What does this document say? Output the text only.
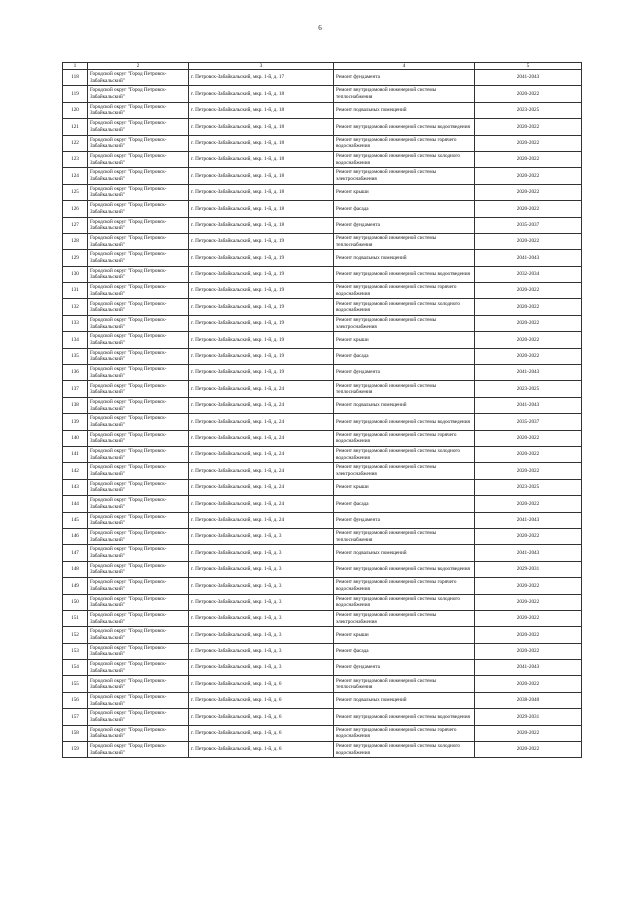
6
1	2	3	4	5
118	Городской округ "Город Петровск-Забайкальский"	г. Петровск-Забайкальский, мкр. 1-й, д. 17	Ремонт фундамента	2041-2043
119	Городской округ "Город Петровск-Забайкальский"	г. Петровск-Забайкальский, мкр. 1-й, д. 18	Ремонт внутридомовой инженерной системы теплоснабжения	2020-2022
120	Городской округ "Город Петровск-Забайкальский"	г. Петровск-Забайкальский, мкр. 1-й, д. 18	Ремонт подвальных помещений	2023-2025
121	Городской округ "Город Петровск-Забайкальский"	г. Петровск-Забайкальский, мкр. 1-й, д. 18	Ремонт внутридомовой инженерной системы водоотведения	2020-2022
122	Городской округ "Город Петровск-Забайкальский"	г. Петровск-Забайкальский, мкр. 1-й, д. 18	Ремонт внутридомовой инженерной системы горячего водоснабжения	2020-2022
123	Городской округ "Город Петровск-Забайкальский"	г. Петровск-Забайкальский, мкр. 1-й, д. 18	Ремонт внутридомовой инженерной системы холодного водоснабжения	2020-2022
124	Городской округ "Город Петровск-Забайкальский"	г. Петровск-Забайкальский, мкр. 1-й, д. 18	Ремонт внутридомовой инженерной системы электроснабжения	2020-2022
125	Городской округ "Город Петровск-Забайкальский"	г. Петровск-Забайкальский, мкр. 1-й, д. 18	Ремонт крыши	2020-2022
126	Городской округ "Город Петровск-Забайкальский"	г. Петровск-Забайкальский, мкр. 1-й, д. 18	Ремонт фасада	2020-2022
127	Городской округ "Город Петровск-Забайкальский"	г. Петровск-Забайкальский, мкр. 1-й, д. 18	Ремонт фундамента	2035-2037
128	Городской округ "Город Петровск-Забайкальский"	г. Петровск-Забайкальский, мкр. 1-й, д. 19	Ремонт внутридомовой инженерной системы теплоснабжения	2020-2022
129	Городской округ "Город Петровск-Забайкальский"	г. Петровск-Забайкальский, мкр. 1-й, д. 19	Ремонт подвальных помещений	2041-2043
130	Городской округ "Город Петровск-Забайкальский"	г. Петровск-Забайкальский, мкр. 1-й, д. 19	Ремонт внутридомовой инженерной системы водоотведения	2032-2034
131	Городской округ "Город Петровск-Забайкальский"	г. Петровск-Забайкальский, мкр. 1-й, д. 19	Ремонт внутридомовой инженерной системы горячего водоснабжения	2020-2022
132	Городской округ "Город Петровск-Забайкальский"	г. Петровск-Забайкальский, мкр. 1-й, д. 19	Ремонт внутридомовой инженерной системы холодного водоснабжения	2020-2022
133	Городской округ "Город Петровск-Забайкальский"	г. Петровск-Забайкальский, мкр. 1-й, д. 19	Ремонт внутридомовой инженерной системы электроснабжения	2020-2022
134	Городской округ "Город Петровск-Забайкальский"	г. Петровск-Забайкальский, мкр. 1-й, д. 19	Ремонт крыши	2020-2022
135	Городской округ "Город Петровск-Забайкальский"	г. Петровск-Забайкальский, мкр. 1-й, д. 19	Ремонт фасада	2020-2022
136	Городской округ "Город Петровск-Забайкальский"	г. Петровск-Забайкальский, мкр. 1-й, д. 19	Ремонт фундамента	2041-2043
137	Городской округ "Город Петровск-Забайкальский"	г. Петровск-Забайкальский, мкр. 1-й, д. 24	Ремонт внутридомовой инженерной системы теплоснабжения	2023-2025
138	Городской округ "Город Петровск-Забайкальский"	г. Петровск-Забайкальский, мкр. 1-й, д. 24	Ремонт подвальных помещений	2041-2043
139	Городской округ "Город Петровск-Забайкальский"	г. Петровск-Забайкальский, мкр. 1-й, д. 24	Ремонт внутридомовой инженерной системы водоотведения	2035-2037
140	Городской округ "Город Петровск-Забайкальский"	г. Петровск-Забайкальский, мкр. 1-й, д. 24	Ремонт внутридомовой инженерной системы горячего водоснабжения	2020-2022
141	Городской округ "Город Петровск-Забайкальский"	г. Петровск-Забайкальский, мкр. 1-й, д. 24	Ремонт внутридомовой инженерной системы холодного водоснабжения	2020-2022
142	Городской округ "Город Петровск-Забайкальский"	г. Петровск-Забайкальский, мкр. 1-й, д. 24	Ремонт внутридомовой инженерной системы электроснабжения	2020-2022
143	Городской округ "Город Петровск-Забайкальский"	г. Петровск-Забайкальский, мкр. 1-й, д. 24	Ремонт крыши	2023-2025
144	Городской округ "Город Петровск-Забайкальский"	г. Петровск-Забайкальский, мкр. 1-й, д. 24	Ремонт фасада	2020-2022
145	Городской округ "Город Петровск-Забайкальский"	г. Петровск-Забайкальский, мкр. 1-й, д. 24	Ремонт фундамента	2041-2043
146	Городской округ "Город Петровск-Забайкальский"	г. Петровск-Забайкальский, мкр. 1-й, д. 3	Ремонт внутридомовой инженерной системы теплоснабжения	2020-2022
147	Городской округ "Город Петровск-Забайкальский"	г. Петровск-Забайкальский, мкр. 1-й, д. 3	Ремонт подвальных помещений	2041-2043
148	Городской округ "Город Петровск-Забайкальский"	г. Петровск-Забайкальский, мкр. 1-й, д. 3	Ремонт внутридомовой инженерной системы водоотведения	2029-2031
149	Городской округ "Город Петровск-Забайкальский"	г. Петровск-Забайкальский, мкр. 1-й, д. 3	Ремонт внутридомовой инженерной системы горячего водоснабжения	2020-2022
150	Городской округ "Город Петровск-Забайкальский"	г. Петровск-Забайкальский, мкр. 1-й, д. 3	Ремонт внутридомовой инженерной системы холодного водоснабжения	2020-2022
151	Городской округ "Город Петровск-Забайкальский"	г. Петровск-Забайкальский, мкр. 1-й, д. 3	Ремонт внутридомовой инженерной системы электроснабжения	2020-2022
152	Городской округ "Город Петровск-Забайкальский"	г. Петровск-Забайкальский, мкр. 1-й, д. 3	Ремонт крыши	2020-2022
153	Городской округ "Город Петровск-Забайкальский"	г. Петровск-Забайкальский, мкр. 1-й, д. 3	Ремонт фасада	2020-2022
154	Городской округ "Город Петровск-Забайкальский"	г. Петровск-Забайкальский, мкр. 1-й, д. 3	Ремонт фундамента	2041-2043
155	Городской округ "Город Петровск-Забайкальский"	г. Петровск-Забайкальский, мкр. 1-й, д. 6	Ремонт внутридомовой инженерной системы теплоснабжения	2020-2022
156	Городской округ "Город Петровск-Забайкальский"	г. Петровск-Забайкальский, мкр. 1-й, д. 6	Ремонт подвальных помещений	2038-2040
157	Городской округ "Город Петровск-Забайкальский"	г. Петровск-Забайкальский, мкр. 1-й, д. 6	Ремонт внутридомовой инженерной системы водоотведения	2029-2031
158	Городской округ "Город Петровск-Забайкальский"	г. Петровск-Забайкальский, мкр. 1-й, д. 6	Ремонт внутридомовой инженерной системы горячего водоснабжения	2020-2022
159	Городской округ "Город Петровск-Забайкальский"	г. Петровск-Забайкальский, мкр. 1-й, д. 6	Ремонт внутридомовой инженерной системы холодного водоснабжения	2020-2022
